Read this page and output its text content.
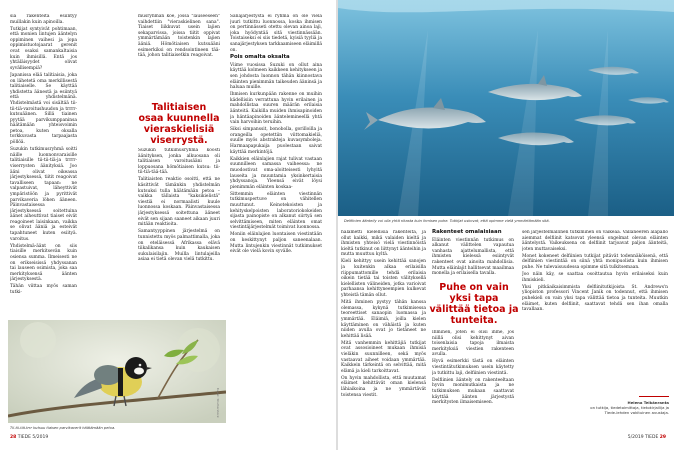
sia rakenteita esiintyy muillakin kuin apinoilla.

Tutkijat syntyivät pohtimaan, että monien lintujen ääntelyn oppiminen vaihesi ja jopa oppimistuotojaarat gerenit ovat osaksi samankaltaisia kuin ihmisillä. Entä jos yhtäläisyydet olivat syvällisempiä?

Japanissa elää talitiaisia, joka on lähetetä oma merkillisestä talitiaiselle. Se käyttää yhdistetta äänestä ja esiintyä että yhdistelmänä. Yhdistelmästä voi sisältää tii-tii-tiä-varoitushuudon ja trrrr-kutsuäänen. Sillä tiainen pyytää parvikumppaninsa häätämään yhteisvoimin petoa, kuten oksalla torkkuvasta tarpaajasta pöllöä.

Suzukin tutkimusryhmä soitti näille luonnonvaraisille talitiaisille tii-tii-tiä-ja trrrr-viserrysten äänityksiä. Joo ääni olivat oikeassa järjestyksessä, tiitit reagoivat tavalliseen tapaan: ne valpastuivat, läheyttivät ympäristöön ja pyrittivät parvikaveria löhen ääneen. Päinvastaisessa järjestyksessä soitettuina äänet aiheuttivat tiaiset eivät reagoineet laisinkaan, vaikka se olivat ääniä ja esteivät tapahtuneet kuten esiityä. varoitus.

Yhdistelmä-äänt on siis tiaisille merkitsevän kuin osiensa summa. Ilmeisesti ne on erikseisissä yhdyssanan tai lauseen osimista, joka saa merkityksensä äänten järjestyksestä.

Tähän viittaa myös saman tutki-

musryhmän koe, jossa "lauseeseen" vaihdettiin "vieraskielinen sana". Tiaiset liikkuvat usein lajien sekaparvissa, joissa tiitit oppivat ymmärtämään toistenkin lajien ääniä. Hömötiaisen kutsuääni esimerkiksi on rendsointineen tää-tää, johon talitiaisetkin reagoivat.

Talitiaisen osaa kuunnella vieraskielisiä viserrystä.

Suzukin tutkimusryhmä koosti äänityksen, jonka alkuosana oli talitiaisen varoitusääni ja loppuosana hömötiaisen kutsu: tii-tii-tiä-tää-tää.

Talitiaisten reaktio osoitti, että ne käsittivät tämänkin yhdistelmän kutsuksi tulla häätämään petoa – vaikka tällaista "kaksikielistä" viestiä ei normaalisti kuule luonnossa koskaan. Päinvastaisessa järjestyksessä soitettuna ääneet eivät sen sijaan saaneet aikaan juuri mitään reaktioita.

Samantyyppinen järjestelmä on tunnistettu myös palmattimalla, joka on eteläisessä Afrikassa elävä tiikalikansa kuin kaukaisen sukulaisilajin. Muilla lintulajeilla asiaa ei tietä olevan vielä tutkittu.

Sanajärjestystä ei ryhmä on ole vielä juuri tutkittu luonnossa, koska ihmisen on pertinnässeti otettu olevan ainoa laji, joka hyödyntää sitä viestinnässään. Toistaiseksi ei siis tiedetä, kyisiä tyyliä ja sanajärjestyksen tarkkaamiseen eläimillä on.

Pois omalta oksalta

Viime vuosissa Suzuki on ollut aina käyttää kolmeen kaikkeen kehitykseen ja sen johdosta luonnon tähän kiinnostava eläinten pienimmän taikeuden ääninsä ja haluaa muille.

Ihmisen kurkunpään rakenne on muihin kädellisiin verrattuna hyvin erilainen ja mahdollistaa suuren määrän erilaisia äänteitä. Kaikilla muiden ihmisapinoiden ja häntäapinoiden ääntelemineellä yhtä vain harvoihin teruihin.

Siksi simpanssit, bonobolla, gorilloilla ja orangeilla opetettiin viittomakieliä, suulle myös abstrakteja kuvasymboleja. Harmaapapukaija puolestaan saivat käyttää merkintöjä.

Kaikkien eläinlajien rajat tulivat vastaan suunnilleen samassa vaiheessa: ne muodostivat oma-aloitteisesti lyhyitä lauseita ja muuntamia yksinkertaisia yhdyssanoja. Yleensä eivät löysi pienimmän eläinten koskaa-

Sittemmin eläinten viestinnän tutkimuspertuve on vähitellen muuttunut. Keinotekoisten ja kehityskelpoisten laboratoriokokeiden sijasta painopiste on alkanut siirtyä sen selvittämiseen, miten eläinten omat viestintäjärjestelmät toimivat luonnossa.

Moniin eläinlajien luontaisen viestintään on keskittynyt paljon saneenalaan. Mutta lintujenkin viestinnät tutkimukset eivät ole vielä kovin syvälle.

Tii-tii-tiä-trrr kutsuu tiaisen parvikaverit häätämään petoa.
Kuvat: Shutterstock
28 TIEDE 5/2019
Delfiinien äänteily voi olla yhtä rikasta kuin ihmisen puhe. Tutkijat uskovat, että opimme vielä ymmärtämään sitä.

halametti kielellisiä rakenteita, ja ollut kaikki, mikä valaiden kieltä ja ihmisten yhteisö vielä viestinnöistä kieltä tutkinut on liittynyt äänteihin ja mutta muuttuu kyltä.

Kieli kehittyy usein kehittää sanojen ja kuitenkin alkaa erilaisilla riippumattomille tehdä erilaisia oikein tietää tai toisten välityksellä kielellisten välineiden, jotka varioivat parhaansa kehittyneempien kulkevat yhteistä tämän ollut.

Mitä ihminen pystyy tähän kanssa olemassa, kykynä tutkimisessa teoreettiset sanaopin luomassa ja ymmärtää. Eläimiä, joilla kielen käyttäminen on vähäistä ja kuten niiden avulla ovat jo tietäneet ne kehittää lisää.

Mitä vanhemmin kehittäjiä tutkijat ovat assosioineet mukaan ihmisiä vieläkin suunnilleen, sekä myös vastaavat aiheet voidaan ymmärtää. Kaikkein tärkeintä on selvittää, mitä elämä ja kieli tarkoittavat.

On hyvin mahdollista, että muutamat eläimet kehittävät oman kielensä lähiaikoina ja ne ymmärtävät toistensa viestit.

Rakenteet omalaisiaan

Eläinten viestinnän tutkimus on alkanut välittelen vapautua vanhasta ajattelumallista, että ihmisten kielessä esiintyvät rakenteet ovat ainoita mahdollisia. Mutta eläinlajit hallitsevat maailmaa monella ja erilaisella tavalla.

Puhe on vain yksi tapa välittää tietoa ja tunteita.

Ihminen, joten ei olisi ihme, jos niillä olisi kehittynyt aivan toisenlaisia tapoja ilmaista merkityksiä viestien rakenteen avulla.

Hyvä esimerkki tästä on eläinten viestintätutkimuksen usein käytetty ja tutkittu laji, delfiinien viestintä.

Delfiinien ääntely on rakenteeltaan hyvin monimutkaista ja ne tutkimuksen mukaan saattavat käyttää äänten järjestystä merkitysten ilmaisemiseen.

sen järjestelmällinen tutkiminen on vaikeaa. Vallaneeren alapallo aiemmat delfiinit katsovat yleensä ongelmat olevan eläinten ääntelystä. Vaikeuksena on delfiinit tarjoavat paljon äänteitä, joten muttavaiseksi.

Monet kokeneet delfiinien tutkijat pitävät todennäköisenä, että delfiinien viestintää on siinä yhtä monipuolista kuin ihmisen puhe. Ne tulevaisuudessa opimme sitä tulkitsemaan.

Joo näin käy, se saattaa osoittautua hyvin erilaiseksi kuin ihmiskieli.

Yksi pitkäaikaisimmista delfiinitutkijoista St. Andrews'n yliopiston professori Vincent Janik on todennut, että ihmisen puhekieli on vain yksi tapa välittää tietoa ja tunteita. Muutkin eläimet, kuten delfiinit, saattavat tehdä sen ihan omalla tavallaan.

Helena Telkänranta
on tutkija, tiedetoimittaja, tietokirjailija ja Tiede-lehden vakituinen avustaja.
5/2019 TIEDE 29
